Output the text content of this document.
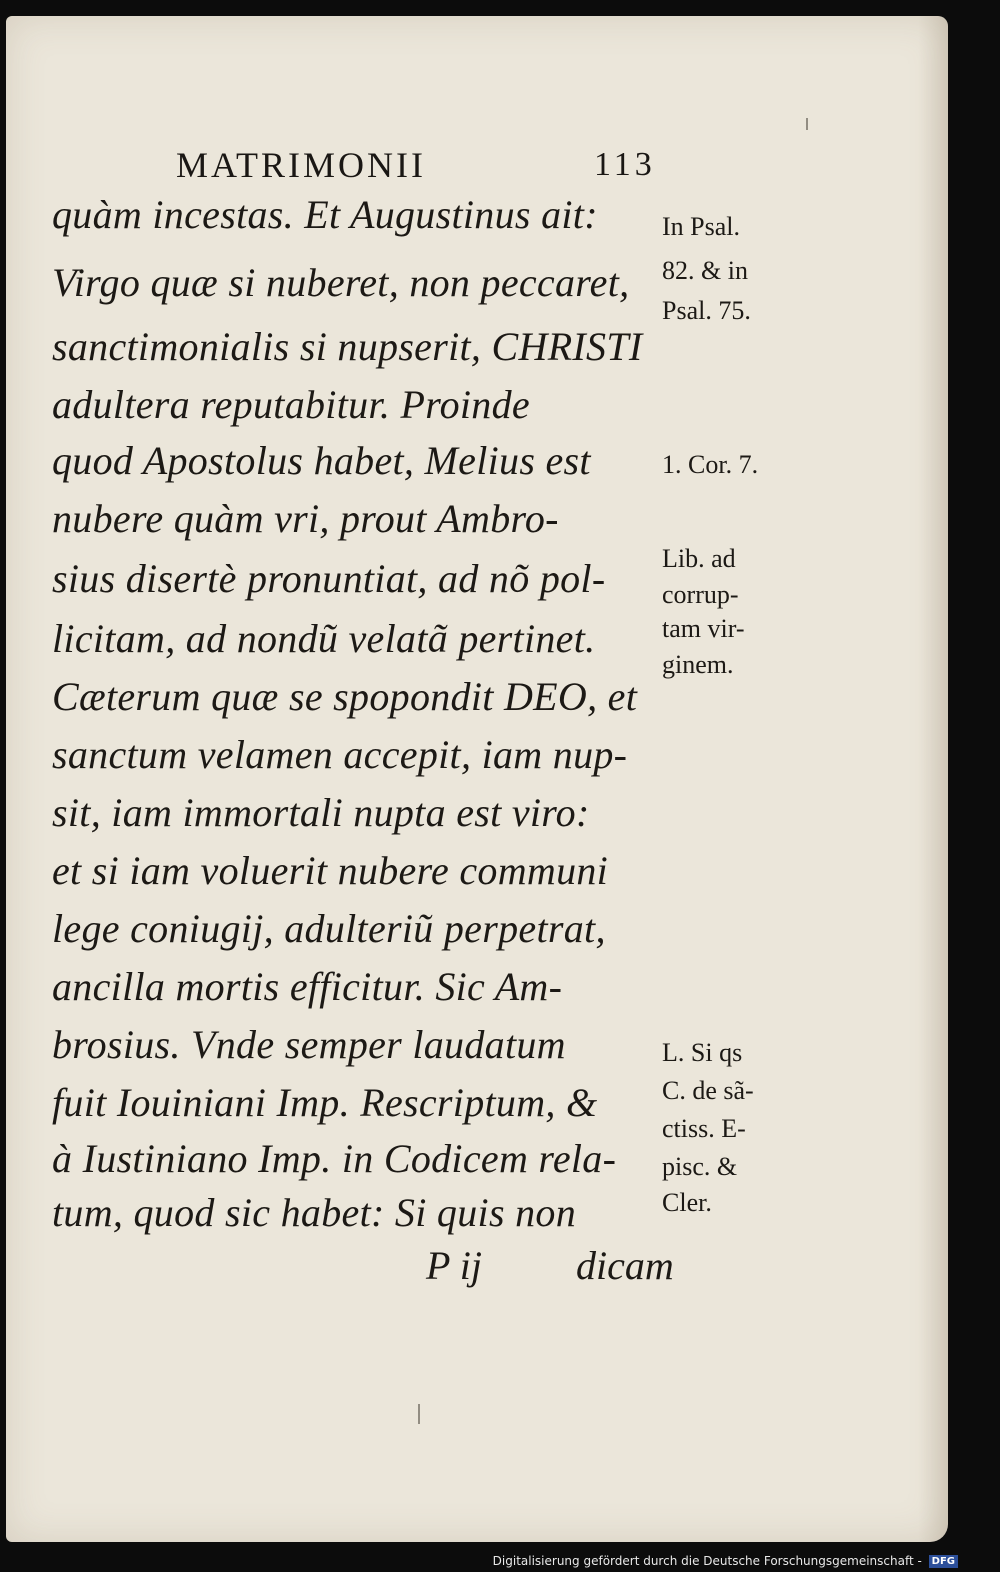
MATRIMONII	113
quàm incestas. Et Augustinus ait:
Virgo quæ si nuberet, non peccaret,
sanctimonialis si nupserit, CHRISTI
adultera reputabitur. Proinde
quod Apostolus habet, Melius est
nubere quàm vri, prout Ambro-
sius disertè pronuntiat, ad nõ pol-
licitam, ad nondũ velatã pertinet.
Cæterum quæ se spopondit DEO, et
sanctum velamen accepit, iam nup-
sit, iam immortali nupta est viro:
et si iam voluerit nubere communi
lege coniugij, adulteriũ perpetrat,
ancilla mortis efficitur. Sic Am-
brosius. Vnde semper laudatum
fuit Iouiniani Imp. Rescriptum, &
à Iustiniano Imp. in Codicem rela-
tum, quod sic habet: Si quis non
In Psal.
82. & in
Psal. 75.
1. Cor. 7.
Lib. ad
corrup-
tam vir-
ginem.
L. Si qs
C. de sã-
ctiss. E-
pisc. &
Cler.
P ij dicam
Digitalisierung gefördert durch die Deutsche Forschungsgemeinschaft - DFG
